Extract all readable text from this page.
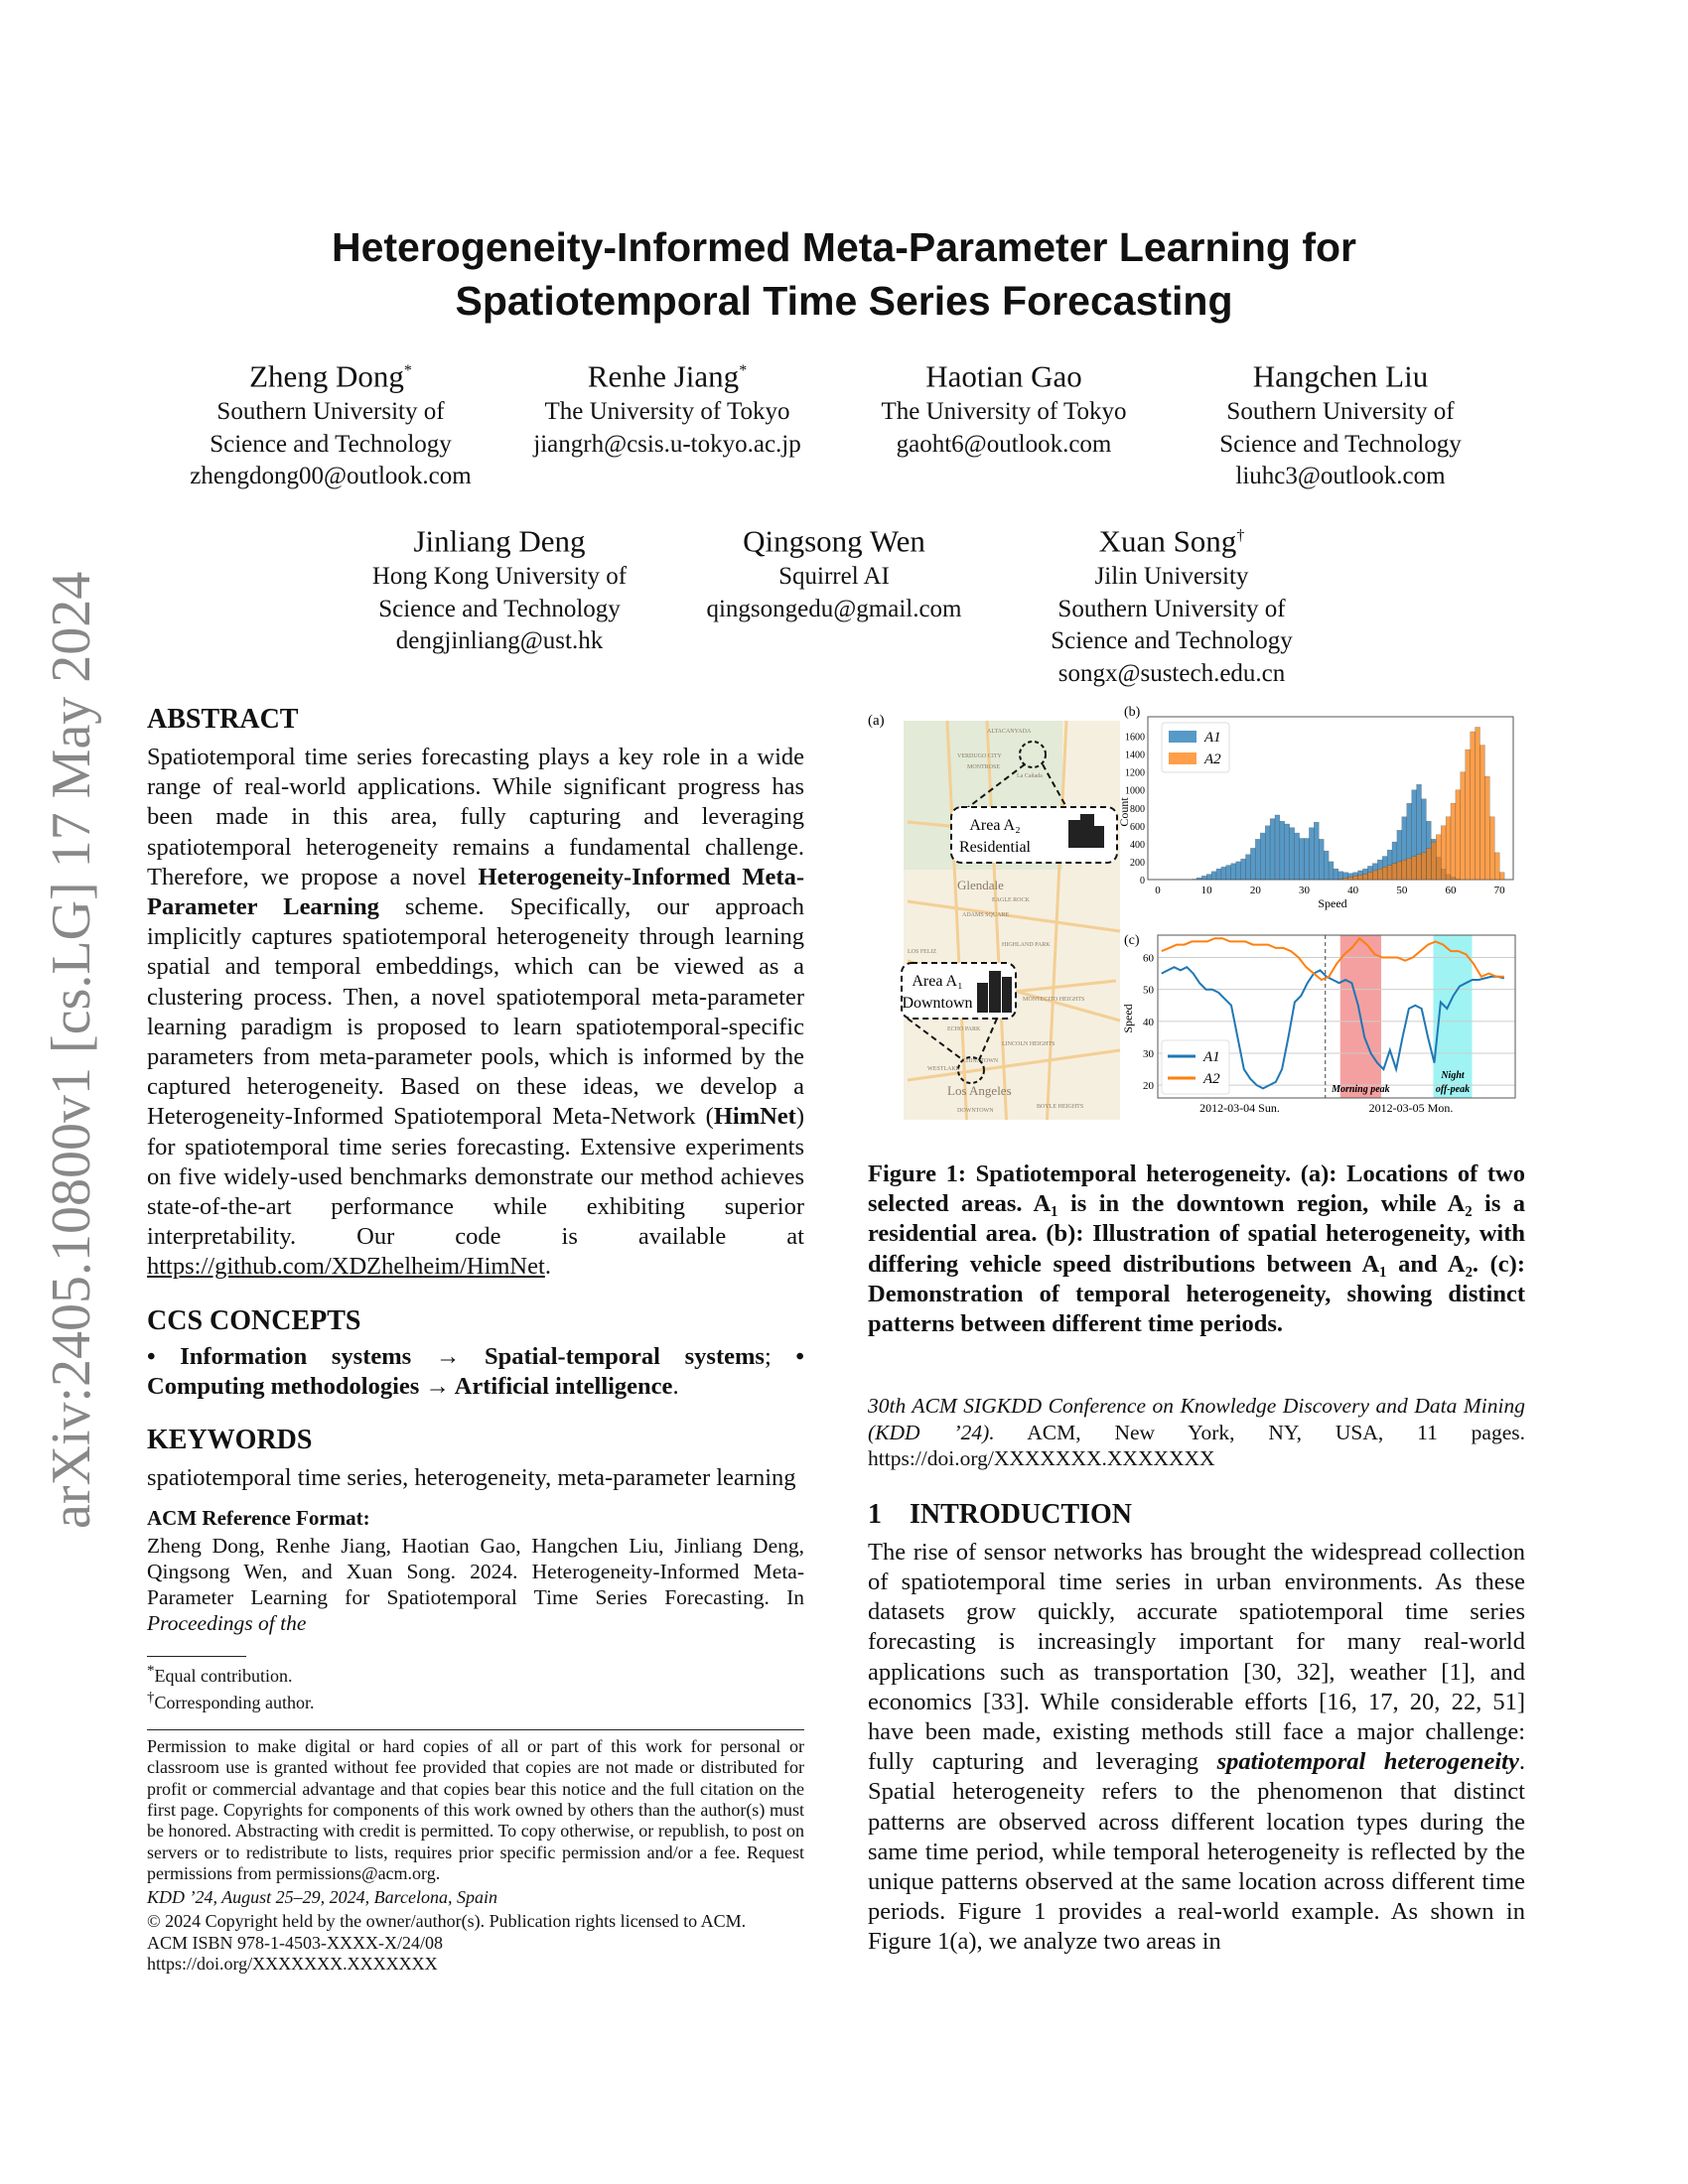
Heterogeneity-Informed Meta-Parameter Learning for
Spatiotemporal Time Series Forecasting
Zheng Dong*
Southern University of
Science and Technology
zhengdong00@outlook.com
Renhe Jiang*
The University of Tokyo
jiangrh@csis.u-tokyo.ac.jp
Haotian Gao
The University of Tokyo
gaoht6@outlook.com
Hangchen Liu
Southern University of
Science and Technology
liuhc3@outlook.com
Jinliang Deng
Hong Kong University of
Science and Technology
dengjinliang@ust.hk
Qingsong Wen
Squirrel AI
qingsongedu@gmail.com
Xuan Song†
Jilin University
Southern University of
Science and Technology
songx@sustech.edu.cn
arXiv:2405.10800v1 [cs.LG] 17 May 2024 ABSTRACT

Spatiotemporal time series forecasting plays a key role in a wide range of real-world applications. While significant progress has been made in this area, fully capturing and leveraging spatiotemporal heterogeneity remains a fundamental challenge. Therefore, we propose a novel Heterogeneity-Informed Meta-Parameter Learning scheme. Specifically, our approach implicitly captures spatiotemporal heterogeneity through learning spatial and temporal embeddings, which can be viewed as a clustering process. Then, a novel spatiotemporal meta-parameter learning paradigm is proposed to learn spatiotemporal-specific parameters from meta-parameter pools, which is informed by the captured heterogeneity. Based on these ideas, we develop a Heterogeneity-Informed Spatiotemporal Meta-Network (HimNet) for spatiotemporal time series forecasting. Extensive experiments on five widely-used benchmarks demonstrate our method achieves state-of-the-art performance while exhibiting superior interpretability. Our code is available at https://github.com/XDZhelheim/HimNet.

CCS CONCEPTS

• Information systems → Spatial-temporal systems; • Computing methodologies → Artificial intelligence.

KEYWORDS

spatiotemporal time series, heterogeneity, meta-parameter learning

ACM Reference Format:

Zheng Dong, Renhe Jiang, Haotian Gao, Hangchen Liu, Jinliang Deng, Qingsong Wen, and Xuan Song. 2024. Heterogeneity-Informed Meta-Parameter Learning for Spatiotemporal Time Series Forecasting. In Proceedings of the

*Equal contribution.
†Corresponding author.

Permission to make digital or hard copies of all or part of this work for personal or classroom use is granted without fee provided that copies are not made or distributed for profit or commercial advantage and that copies bear this notice and the full citation on the first page. Copyrights for components of this work owned by others than the author(s) must be honored. Abstracting with credit is permitted. To copy otherwise, or republish, to post on servers or to redistribute to lists, requires prior specific permission and/or a fee. Request permissions from permissions@acm.org.

KDD ’24, August 25–29, 2024, Barcelona, Spain

© 2024 Copyright held by the owner/author(s). Publication rights licensed to ACM.

ACM ISBN 978-1-4503-XXXX-X/24/08

https://doi.org/XXXXXXX.XXXXXXX

(a)
ALTACANYADA
VERDUGO CITY
MONTROSE
La Cañada
Glendale
EAGLE ROCK
ADAMS SQUARE
HIGHLAND PARK
LOS FELIZ
ECHO PARK
MONTECITO HEIGHTS
LINCOLN HEIGHTS
WESTLAKE
CHINATOWN
Los Angeles
DOWNTOWN
BOYLE HEIGHTS
Area A₂
Residential
Area A₁
Downtown
(b)
0	10	20	30	40	50	60	70
0
200
400
600
800
1000
1200
1400
1600
Speed
Count
A1
A2
(c)
20
30
40
50
60
Morning peak
Night
off-peak
2012-03-04 Sun.	2012-03-05 Mon.
Speed
A1
A2

Figure 1: Spatiotemporal heterogeneity. (a): Locations of two selected areas. A₁ is in the downtown region, while A₂ is a residential area. (b): Illustration of spatial heterogeneity, with differing vehicle speed distributions between A₁ and A₂. (c): Demonstration of temporal heterogeneity, showing distinct patterns between different time periods.

30th ACM SIGKDD Conference on Knowledge Discovery and Data Mining (KDD ’24). ACM, New York, NY, USA, 11 pages. https://doi.org/XXXXXXX.XXXXXXX

1    INTRODUCTION

The rise of sensor networks has brought the widespread collection of spatiotemporal time series in urban environments. As these datasets grow quickly, accurate spatiotemporal time series forecasting is increasingly important for many real-world applications such as transportation [30, 32], weather [1], and economics [33]. While considerable efforts [16, 17, 20, 22, 51] have been made, existing methods still face a major challenge: fully capturing and leveraging spatiotemporal heterogeneity. Spatial heterogeneity refers to the phenomenon that distinct patterns are observed across different location types during the same time period, while temporal heterogeneity is reflected by the unique patterns observed at the same location across different time periods. Figure 1 provides a real-world example. As shown in Figure 1(a), we analyze two areas in
